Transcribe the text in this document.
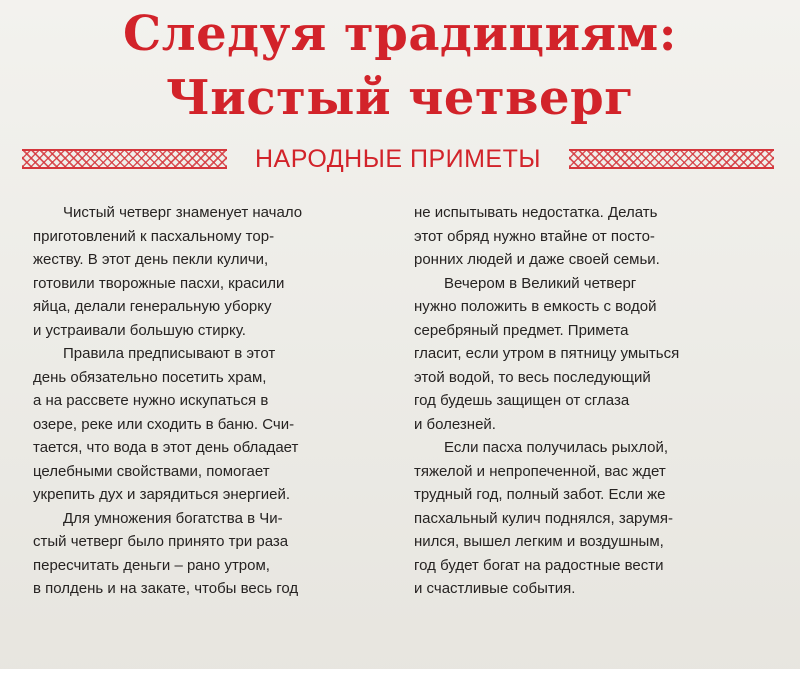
Следуя традициям:
Чистый четверг
НАРОДНЫЕ ПРИМЕТЫ
Чистый четверг знаменует начало
приготовлений к пасхальному тор-
жеству. В этот день пекли куличи,
готовили творожные пасхи, красили
яйца, делали генеральную уборку
и устраивали большую стирку.
Правила предписывают в этот
день обязательно посетить храм,
а на рассвете нужно искупаться в
озере, реке или сходить в баню. Счи-
тается, что вода в этот день обладает
целебными свойствами, помогает
укрепить дух и зарядиться энергией.
Для умножения богатства в Чи-
стый четверг было принято три раза
пересчитать деньги – рано утром,
в полдень и на закате, чтобы весь год
не испытывать недостатка. Делать
этот обряд нужно втайне от посто-
ронних людей и даже своей семьи.
Вечером в Великий четверг
нужно положить в емкость с водой
серебряный предмет. Примета
гласит, если утром в пятницу умыться
этой водой, то весь последующий
год будешь защищен от сглаза
и болезней.
Если пасха получилась рыхлой,
тяжелой и непропеченной, вас ждет
трудный год, полный забот. Если же
пасхальный кулич поднялся, зарумя-
нился, вышел легким и воздушным,
год будет богат на радостные вести
и счастливые события.
